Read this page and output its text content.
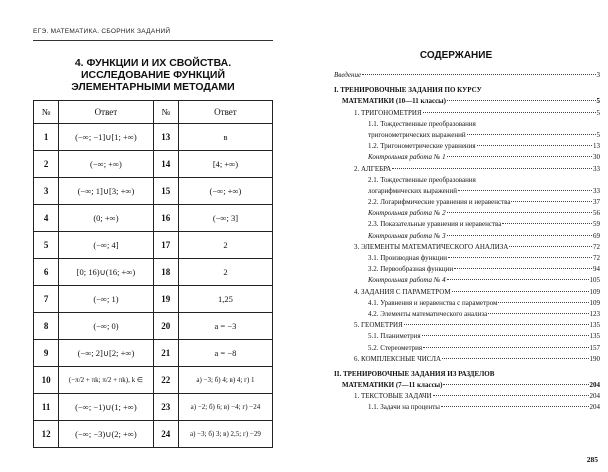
ЕГЭ. МАТЕМАТИКА. СБОРНИК ЗАДАНИЙ
4. ФУНКЦИИ И ИХ СВОЙСТВА.
ИССЛЕДОВАНИЕ ФУНКЦИЙ
ЭЛЕМЕНТАРНЫМИ МЕТОДАМИ
№	Ответ	№	Ответ
1	(−∞; −1]∪[1; +∞)	13	в
2	(−∞; +∞)	14	[4; +∞)
3	(−∞; 1]∪[3; +∞)	15	(−∞; +∞)
4	(0; +∞)	16	(−∞; 3]
5	(−∞; 4]	17	2
6	[0; 16)∪(16; +∞)	18	2
7	(−∞; 1)	19	1,25
8	(−∞; 0)	20	a = −3
9	(−∞; 2]∪[2; +∞)	21	a = −8
10	(−π/2 + πk; π/2 + πk), k ∈	22	а) −3; б) 4; в) 4; г) 1
11	(−∞; −1)∪(1; +∞)	23	а) −2; б) 6; в) −4; г) −24
12	(−∞; −3)∪(2; +∞)	24	а) −3; б) 3; в) 2,5; г) −29
СОДЕРЖАНИЕ
Введение	3
I. ТРЕНИРОВОЧНЫЕ ЗАДАНИЯ ПО КУРСУ
МАТЕМАТИКИ (10—11 классы)	5
1. ТРИГОНОМЕТРИЯ	5
1.1. Тождественные преобразования
тригонометрических выражений	5
1.2. Тригонометрические уравнения	13
Контрольная работа № 1	30
2. АЛГЕБРА	33
2.1. Тождественные преобразования
логарифмических выражений	33
2.2. Логарифмические уравнения и неравенства	37
Контрольная работа № 2	56
2.3. Показательные уравнения и неравенства	59
Контрольная работа № 3	69
3. ЭЛЕМЕНТЫ МАТЕМАТИЧЕСКОГО АНАЛИЗА	72
3.1. Производная функции	72
3.2. Первообразная функции	94
Контрольная работа № 4	105
4. ЗАДАНИЯ С ПАРАМЕТРОМ	109
4.1. Уравнения и неравенства с параметром	109
4.2. Элементы математического анализа	123
5. ГЕОМЕТРИЯ	135
5.1. Планиметрия	135
5.2. Стереометрия	157
6. КОМПЛЕКСНЫЕ ЧИСЛА	190
II. ТРЕНИРОВОЧНЫЕ ЗАДАНИЯ ИЗ РАЗДЕЛОВ
МАТЕМАТИКИ (7—11 классы)	204
1. ТЕКСТОВЫЕ ЗАДАЧИ	204
1.1. Задачи на проценты	204
285
